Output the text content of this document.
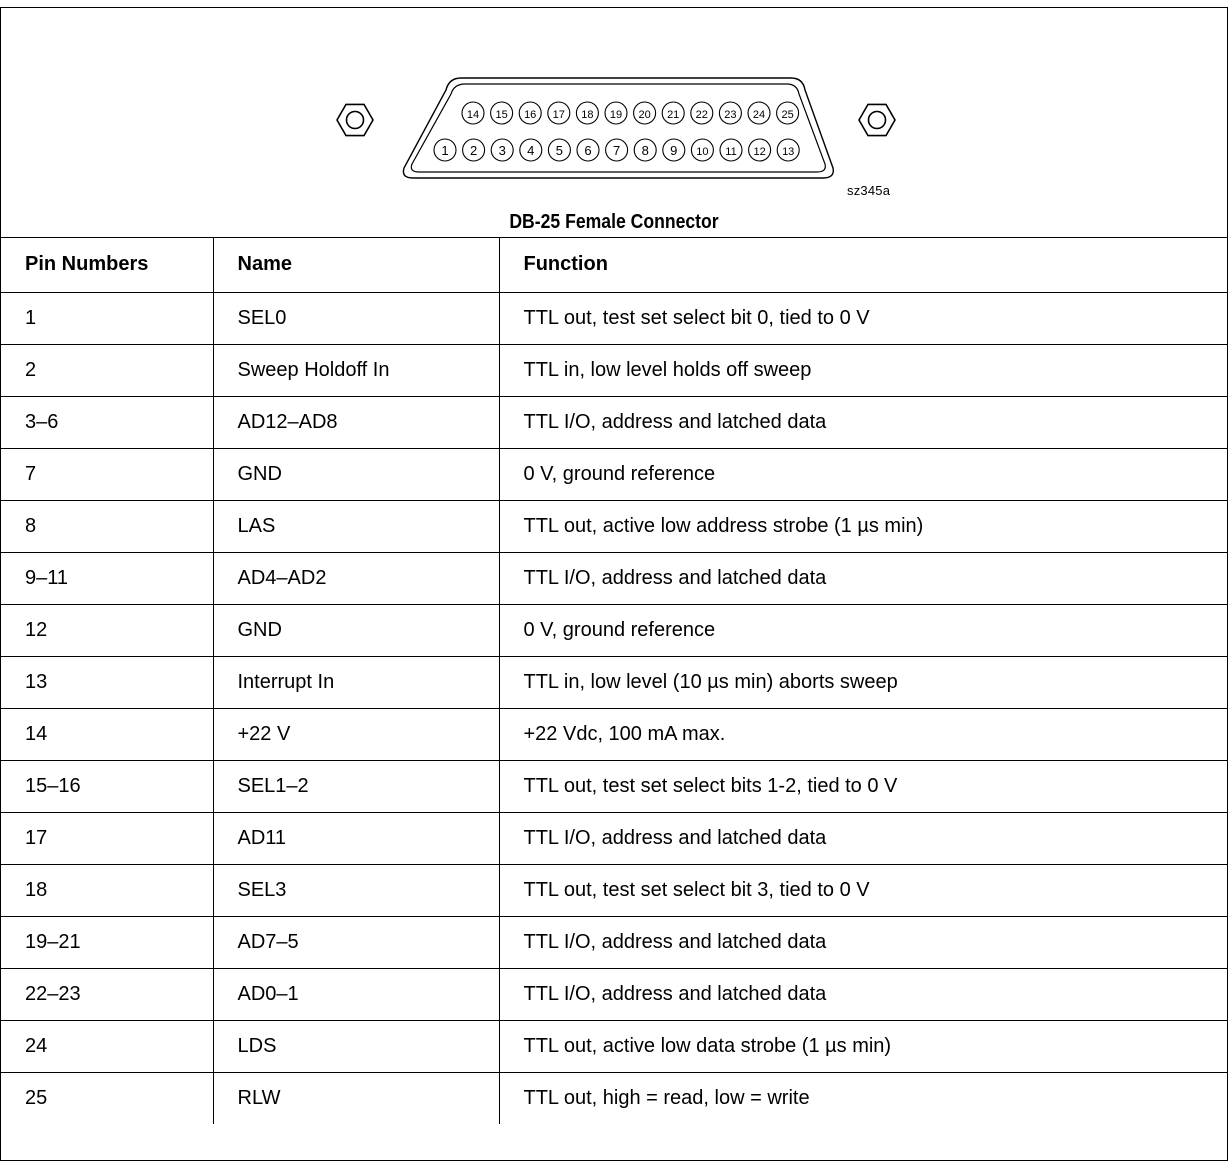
14 15 16 17 18 19 20 21 22 23 24 25
1 2 3 4 5 6 7 8 9 10 11 12 13
sz345a
DB-25 Female Connector
Pin Numbers	Name	Function
1	SEL0	TTL out, test set select bit 0, tied to 0 V
2	Sweep Holdoff In	TTL in, low level holds off sweep
3–6	AD12–AD8	TTL I/O, address and latched data
7	GND	0 V, ground reference
8	LAS	TTL out, active low address strobe (1 µs min)
9–11	AD4–AD2	TTL I/O, address and latched data
12	GND	0 V, ground reference
13	Interrupt In	TTL in, low level (10 µs min) aborts sweep
14	+22 V	+22 Vdc, 100 mA max.
15–16	SEL1–2	TTL out, test set select bits 1-2, tied to 0 V
17	AD11	TTL I/O, address and latched data
18	SEL3	TTL out, test set select bit 3, tied to 0 V
19–21	AD7–5	TTL I/O, address and latched data
22–23	AD0–1	TTL I/O, address and latched data
24	LDS	TTL out, active low data strobe (1 µs min)
25	RLW	TTL out, high = read, low = write
